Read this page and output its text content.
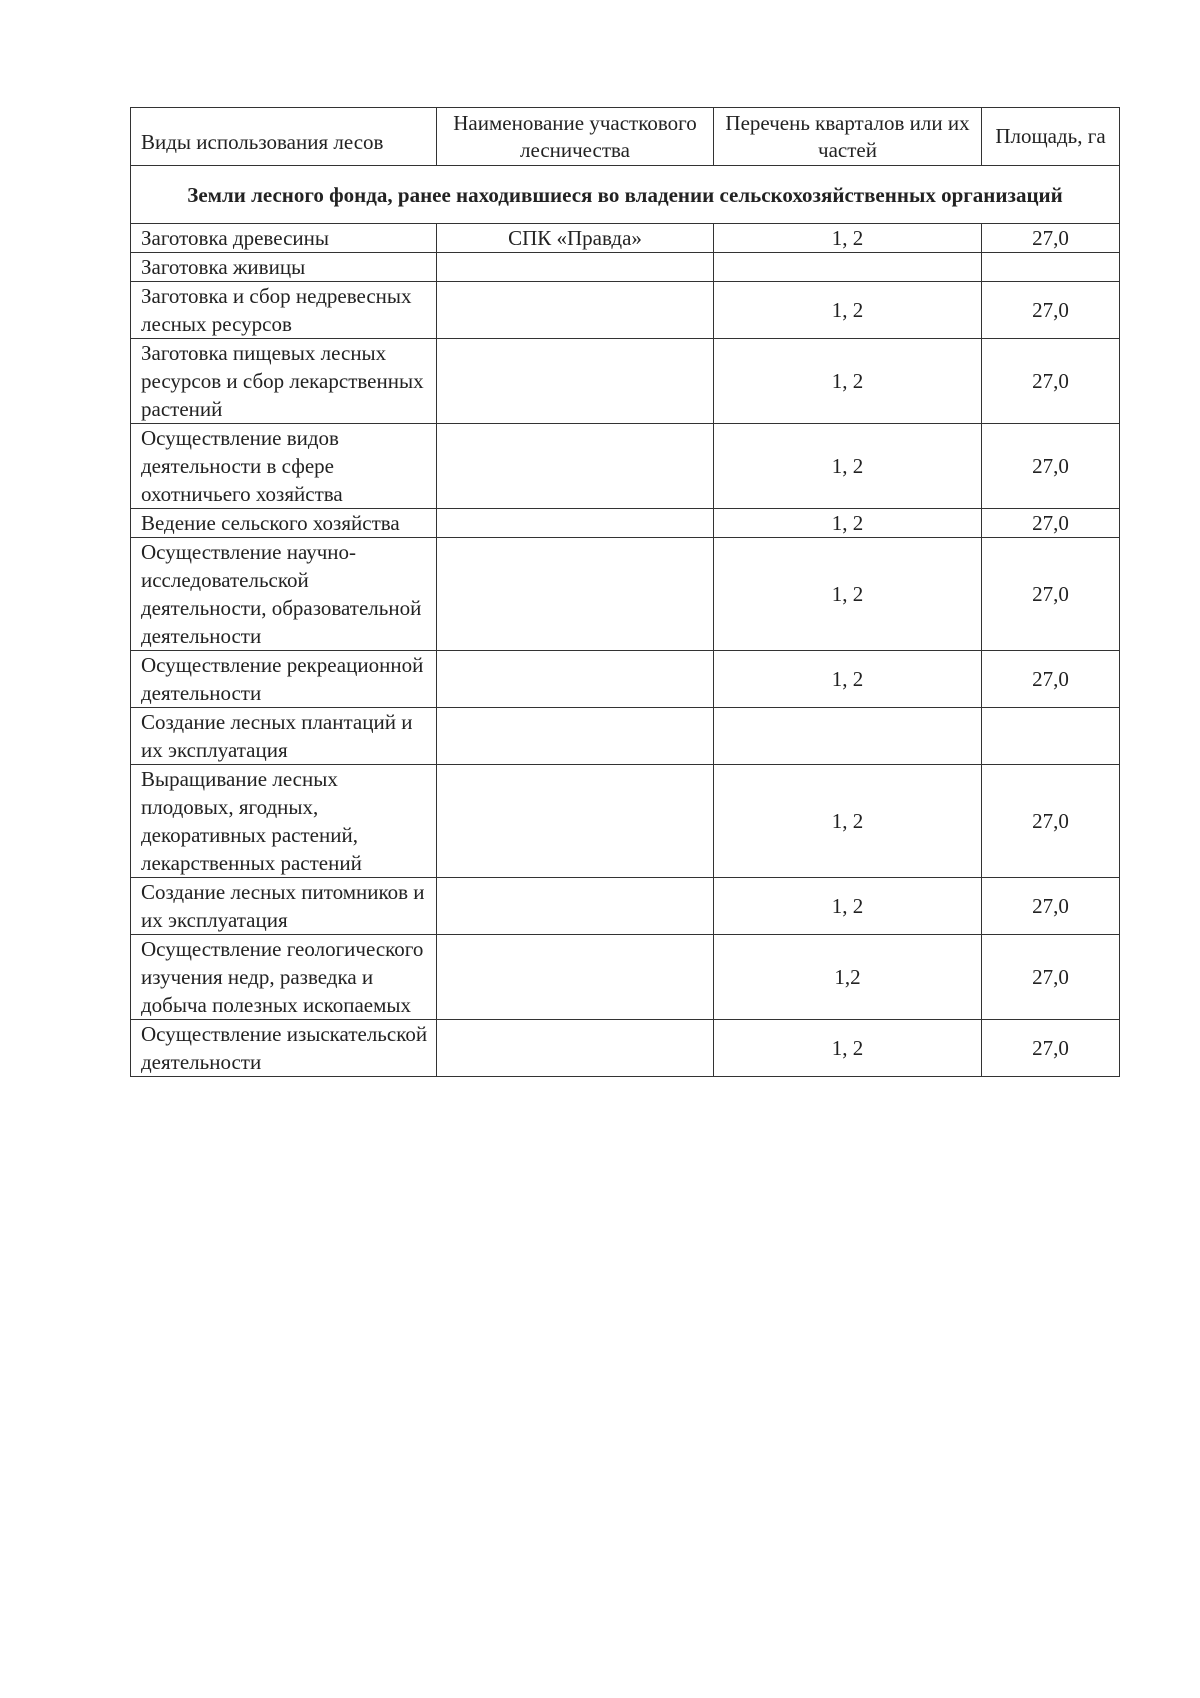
Виды использования лесов	Наименование участкового лесничества	Перечень кварталов или их частей	Площадь, га
Земли лесного фонда, ранее находившиеся во владении сельскохозяйственных организаций			
Заготовка древесины	СПК «Правда»	1, 2	27,0
Заготовка живицы			
Заготовка и сбор недревесных лесных ресурсов		1, 2	27,0
Заготовка пищевых лесных ресурсов и сбор лекарственных растений		1, 2	27,0
Осуществление видов деятельности в сфере охотничьего хозяйства		1, 2	27,0
Ведение сельского хозяйства		1, 2	27,0
Осуществление научно-исследовательской деятельности, образовательной деятельности		1, 2	27,0
Осуществление рекреационной деятельности		1, 2	27,0
Создание лесных плантаций и их эксплуатация			
Выращивание лесных плодовых, ягодных, декоративных растений, лекарственных растений		1, 2	27,0
Создание лесных питомников и их эксплуатация		1, 2	27,0
Осуществление геологического изучения недр, разведка и добыча полезных ископаемых		1,2	27,0
Осуществление изыскательской деятельности		1, 2	27,0
